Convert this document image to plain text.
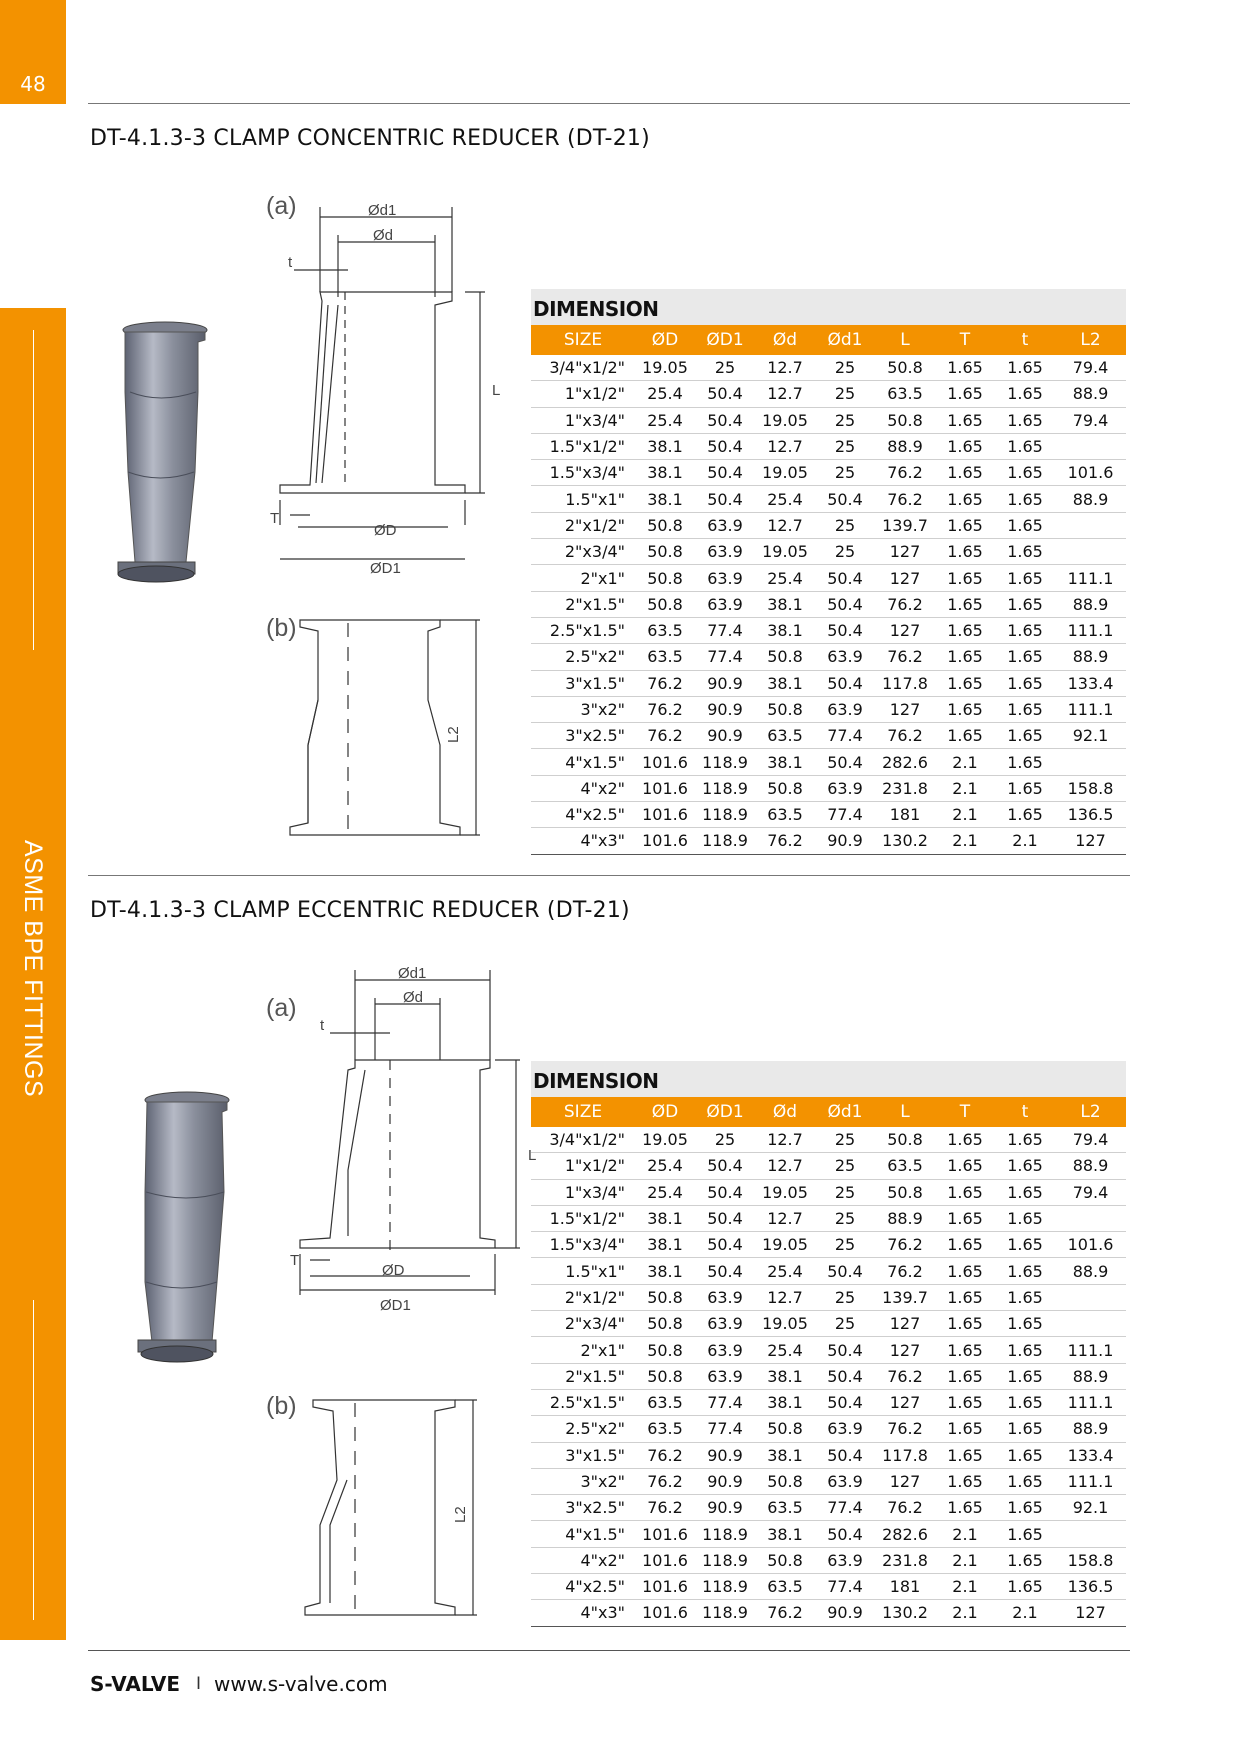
48
ASME BPE FITTINGS
DT-4.1.3-3 CLAMP CONCENTRIC REDUCER (DT-21)
(a)
(b)
Ød1
Ød
t
L
T
ØD
ØD1
L2
DIMENSION
SIZE	ØD	ØD1	Ød	Ød1	L	T	t	L2
3/4"x1/2"	19.05	25	12.7	25	50.8	1.65	1.65	79.4
1"x1/2"	25.4	50.4	12.7	25	63.5	1.65	1.65	88.9
1"x3/4"	25.4	50.4	19.05	25	50.8	1.65	1.65	79.4
1.5"x1/2"	38.1	50.4	12.7	25	88.9	1.65	1.65	
1.5"x3/4"	38.1	50.4	19.05	25	76.2	1.65	1.65	101.6
1.5"x1"	38.1	50.4	25.4	50.4	76.2	1.65	1.65	88.9
2"x1/2"	50.8	63.9	12.7	25	139.7	1.65	1.65	
2"x3/4"	50.8	63.9	19.05	25	127	1.65	1.65	
2"x1"	50.8	63.9	25.4	50.4	127	1.65	1.65	111.1
2"x1.5"	50.8	63.9	38.1	50.4	76.2	1.65	1.65	88.9
2.5"x1.5"	63.5	77.4	38.1	50.4	127	1.65	1.65	111.1
2.5"x2"	63.5	77.4	50.8	63.9	76.2	1.65	1.65	88.9
3"x1.5"	76.2	90.9	38.1	50.4	117.8	1.65	1.65	133.4
3"x2"	76.2	90.9	50.8	63.9	127	1.65	1.65	111.1
3"x2.5"	76.2	90.9	63.5	77.4	76.2	1.65	1.65	92.1
4"x1.5"	101.6	118.9	38.1	50.4	282.6	2.1	1.65	
4"x2"	101.6	118.9	50.8	63.9	231.8	2.1	1.65	158.8
4"x2.5"	101.6	118.9	63.5	77.4	181	2.1	1.65	136.5
4"x3"	101.6	118.9	76.2	90.9	130.2	2.1	2.1	127
DT-4.1.3-3 CLAMP ECCENTRIC REDUCER (DT-21)
(a)
(b)
Ød1
Ød
t
L
T
ØD
ØD1
L2
DIMENSION
SIZE	ØD	ØD1	Ød	Ød1	L	T	t	L2
3/4"x1/2"	19.05	25	12.7	25	50.8	1.65	1.65	79.4
1"x1/2"	25.4	50.4	12.7	25	63.5	1.65	1.65	88.9
1"x3/4"	25.4	50.4	19.05	25	50.8	1.65	1.65	79.4
1.5"x1/2"	38.1	50.4	12.7	25	88.9	1.65	1.65	
1.5"x3/4"	38.1	50.4	19.05	25	76.2	1.65	1.65	101.6
1.5"x1"	38.1	50.4	25.4	50.4	76.2	1.65	1.65	88.9
2"x1/2"	50.8	63.9	12.7	25	139.7	1.65	1.65	
2"x3/4"	50.8	63.9	19.05	25	127	1.65	1.65	
2"x1"	50.8	63.9	25.4	50.4	127	1.65	1.65	111.1
2"x1.5"	50.8	63.9	38.1	50.4	76.2	1.65	1.65	88.9
2.5"x1.5"	63.5	77.4	38.1	50.4	127	1.65	1.65	111.1
2.5"x2"	63.5	77.4	50.8	63.9	76.2	1.65	1.65	88.9
3"x1.5"	76.2	90.9	38.1	50.4	117.8	1.65	1.65	133.4
3"x2"	76.2	90.9	50.8	63.9	127	1.65	1.65	111.1
3"x2.5"	76.2	90.9	63.5	77.4	76.2	1.65	1.65	92.1
4"x1.5"	101.6	118.9	38.1	50.4	282.6	2.1	1.65	
4"x2"	101.6	118.9	50.8	63.9	231.8	2.1	1.65	158.8
4"x2.5"	101.6	118.9	63.5	77.4	181	2.1	1.65	136.5
4"x3"	101.6	118.9	76.2	90.9	130.2	2.1	2.1	127
S-VALVE I www.s-valve.com
